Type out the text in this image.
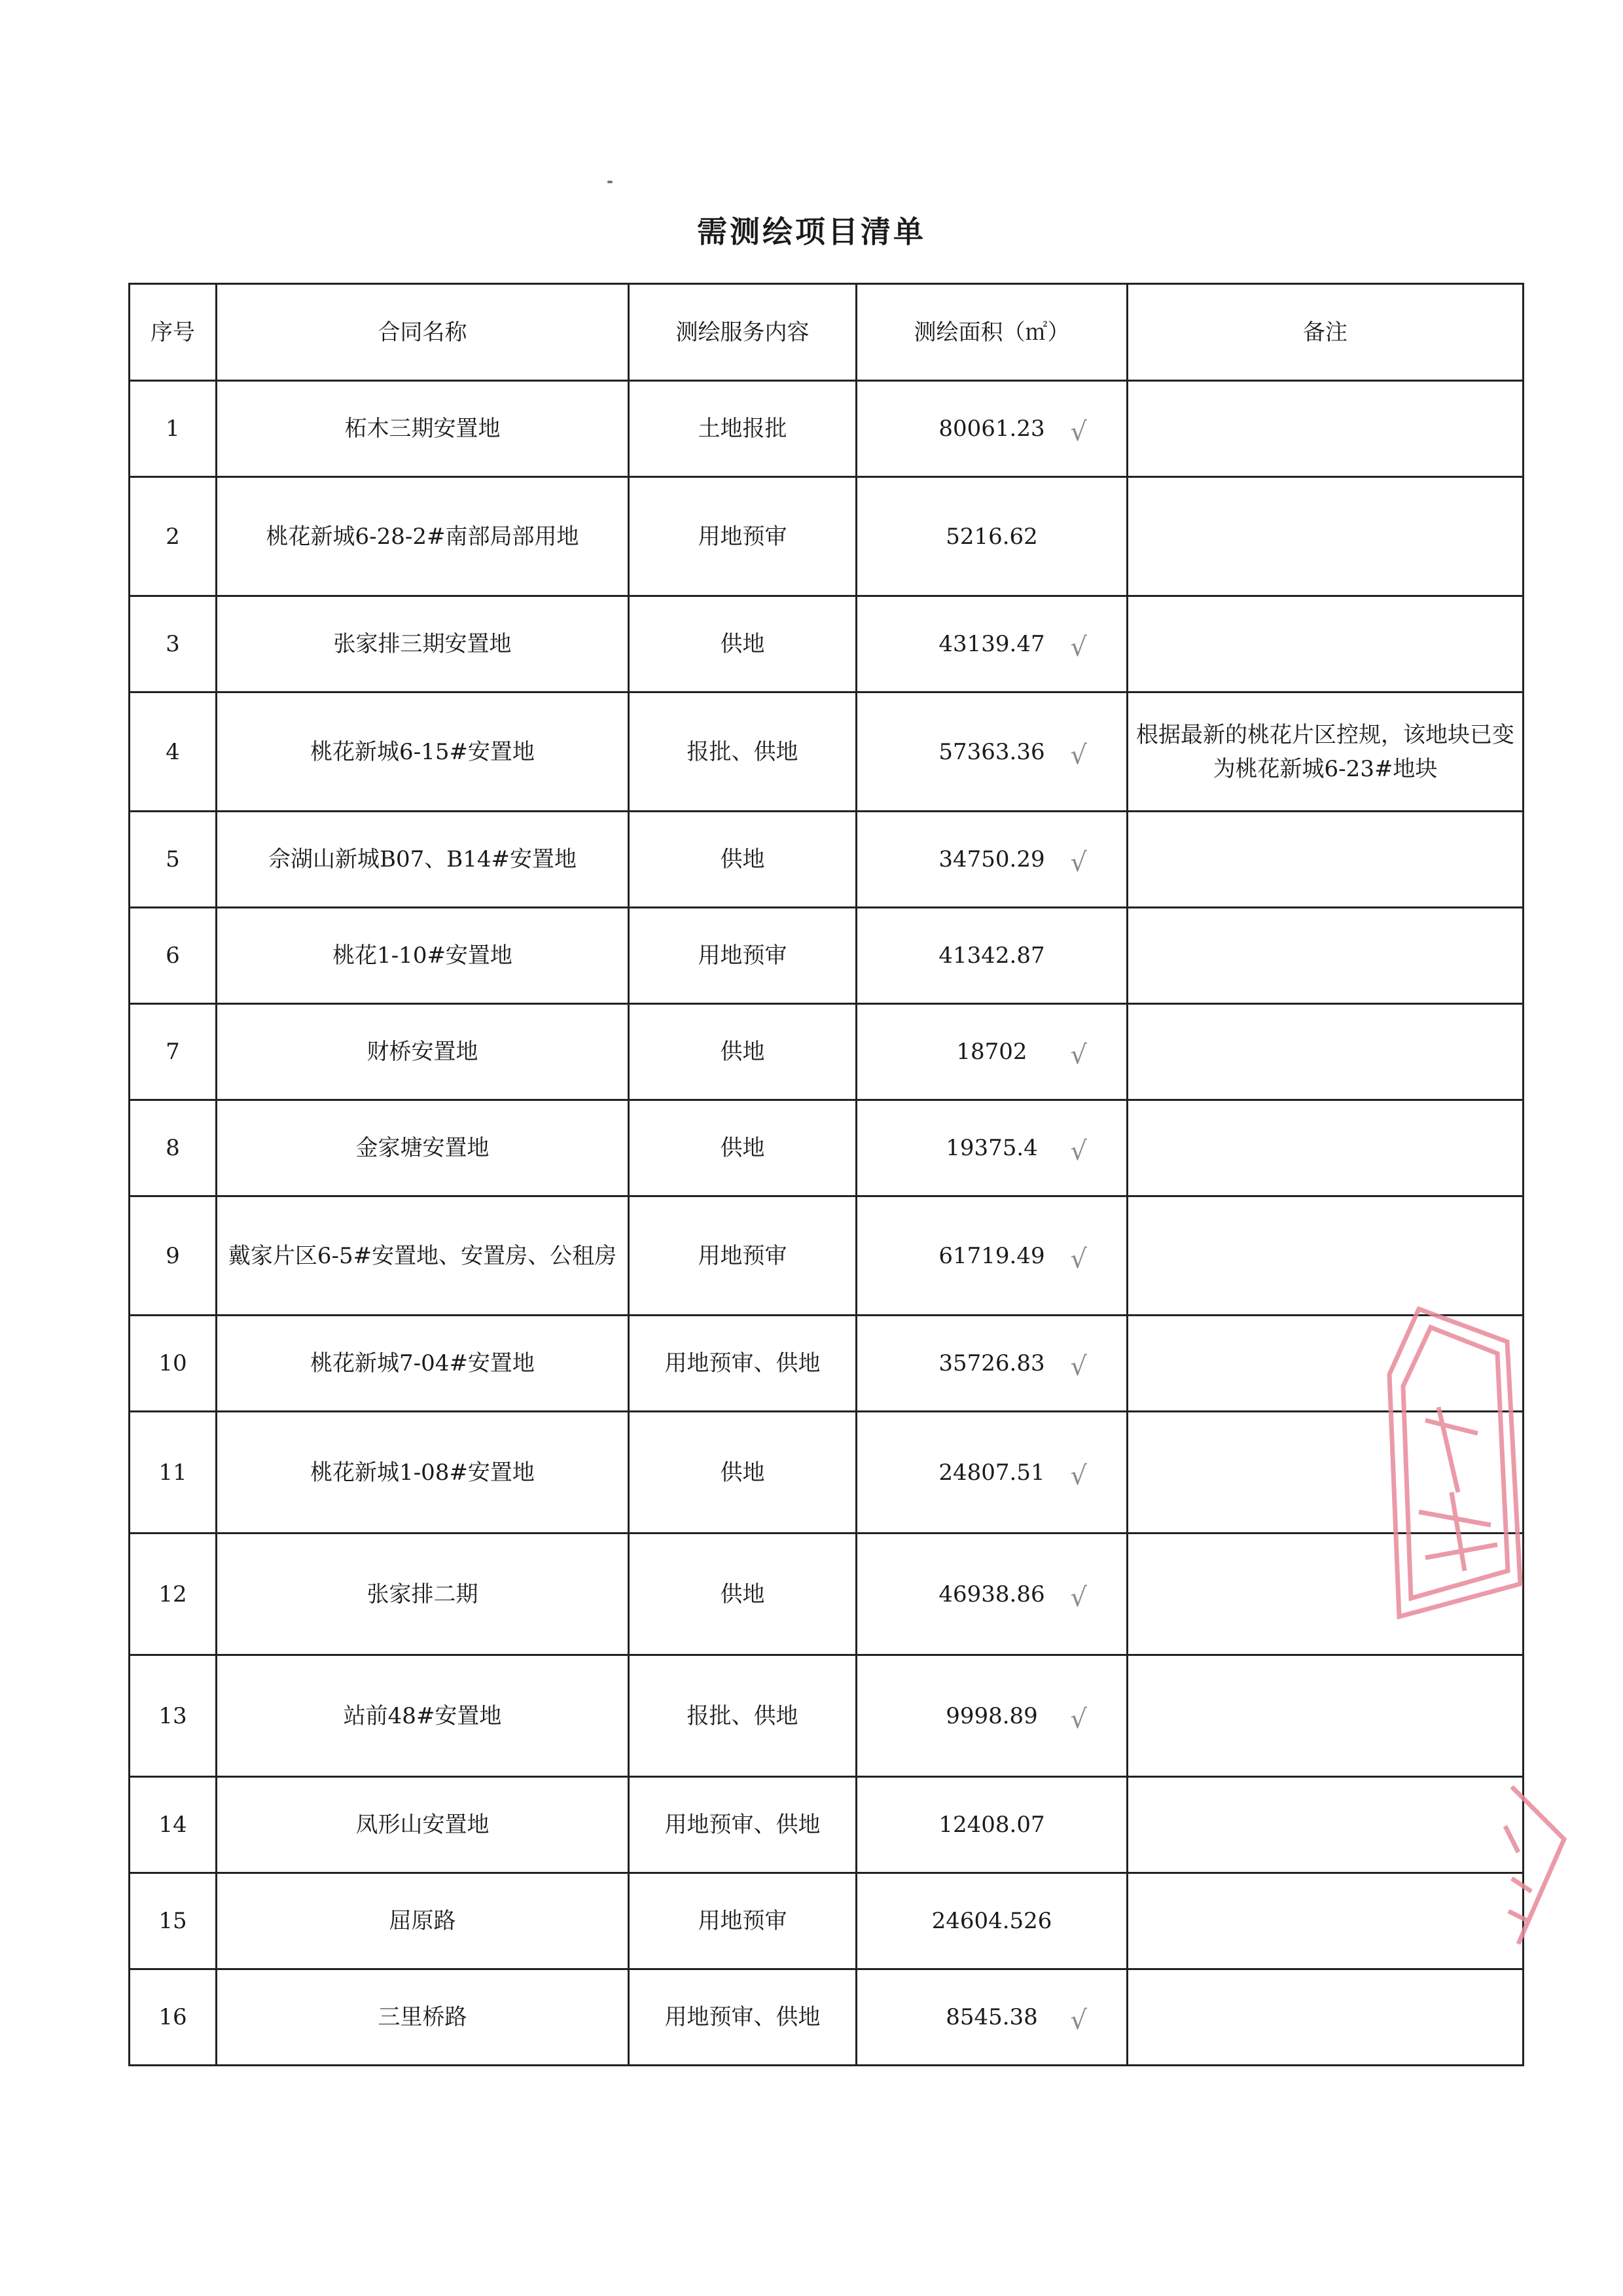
需测绘项目清单
序号	合同名称	测绘服务内容	测绘面积（㎡）	备注
1	柘木三期安置地	土地报批	80061.23 √	

2	桃花新城6-28-2#南部局部用地	用地预审	5216.62	
3	张家排三期安置地	供地	43139.47 √	

4	桃花新城6-15#安置地	报批、供地	57363.36 √	根据最新的桃花片区控规，该地块已变为桃花新城6-23#地块
5	佘湖山新城B07、B14#安置地	供地	34750.29 √	

6	桃花1-10#安置地	用地预审	41342.87	
7	财桥安置地	供地	18702 √	

8	金家塘安置地	供地	19375.4 √	

9	戴家片区6-5#安置地、安置房、公租房	用地预审	61719.49 √	

10	桃花新城7-04#安置地	用地预审、供地	35726.83 √	

11	桃花新城1-08#安置地	供地	24807.51 √	

12	张家排二期	供地	46938.86 √	

13	站前48#安置地	报批、供地	9998.89 √	

14	凤形山安置地	用地预审、供地	12408.07	
15	屈原路	用地预审	24604.526	
16	三里桥路	用地预审、供地	8545.38 √	
